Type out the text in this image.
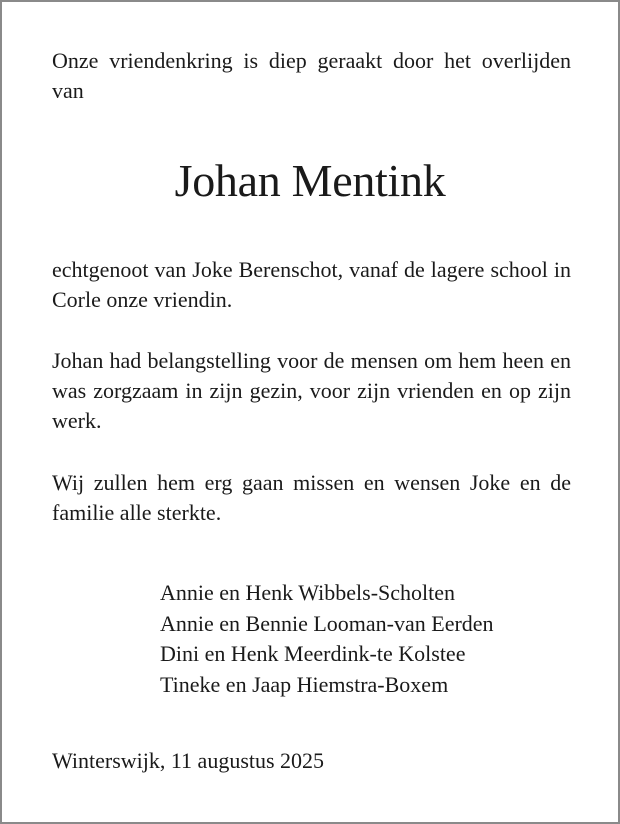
Onze vriendenkring is diep geraakt door het overlijden van

Johan Mentink

echtgenoot van Joke Berenschot, vanaf de lagere school in Corle onze vriendin.

Johan had belangstelling voor de mensen om hem heen en was zorgzaam in zijn gezin, voor zijn vrienden en op zijn werk.

Wij zullen hem erg gaan missen en wensen Joke en de familie alle sterkte.

Annie en Henk Wibbels-Scholten
Annie en Bennie Looman-van Eerden
Dini en Henk Meerdink-te Kolstee
Tineke en Jaap Hiemstra-Boxem

Winterswijk, 11 augustus 2025
